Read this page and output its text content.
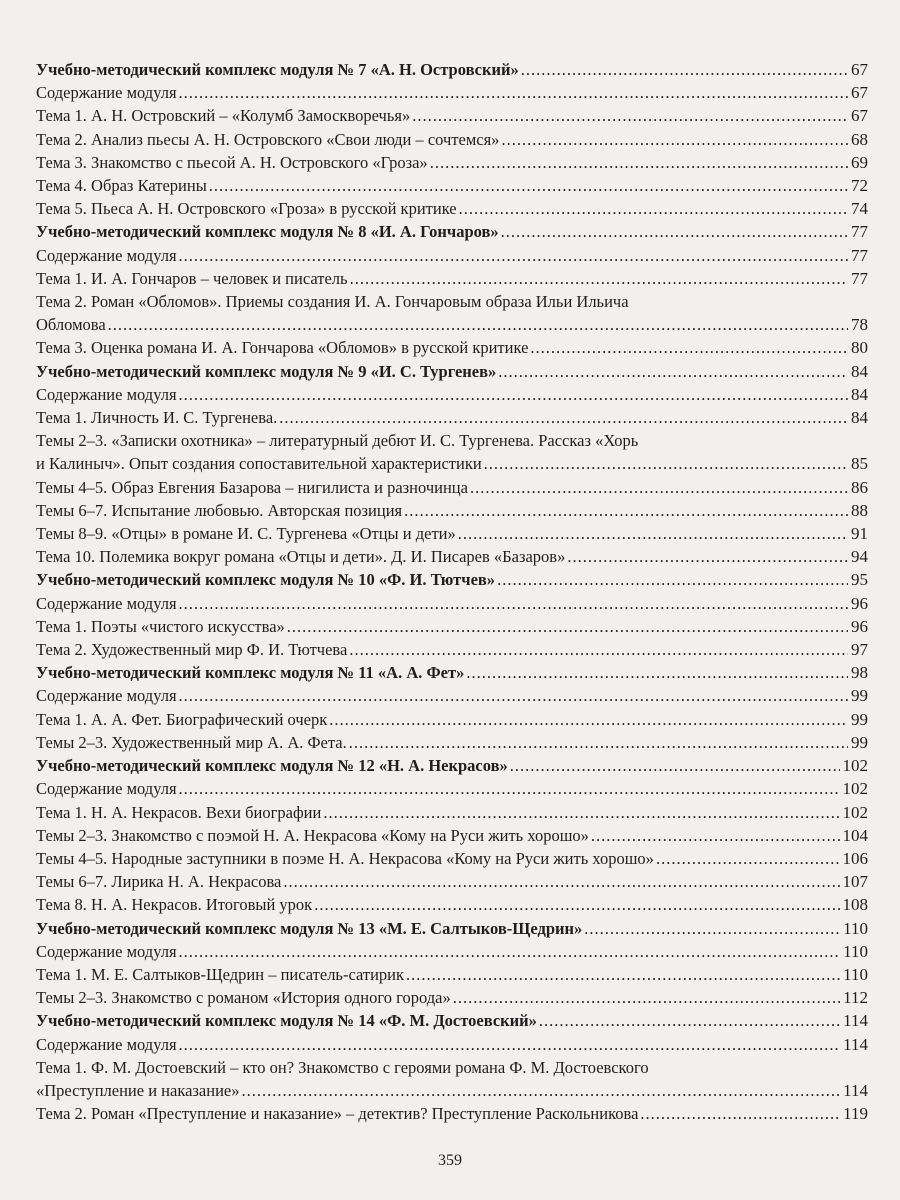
Учебно-методический комплекс модуля № 7 «А. Н. Островский» .....	67
Содержание модуля .....	67
Тема 1. А. Н. Островский – «Колумб Замоскворечья» .....	67
Тема 2. Анализ пьесы А. Н. Островского «Свои люди – сочтемся» .....	68
Тема 3. Знакомство с пьесой А. Н. Островского «Гроза» .....	69
Тема 4. Образ Катерины .....	72
Тема 5. Пьеса А. Н. Островского «Гроза» в русской критике .....	74
Учебно-методический комплекс модуля № 8 «И. А. Гончаров» .....	77
Содержание модуля .....	77
Тема 1. И. А. Гончаров – человек и писатель .....	77
Тема 2. Роман «Обломов». Приемы создания И. А. Гончаровым образа Ильи Ильича
Обломова .....	78
Тема 3. Оценка романа И. А. Гончарова «Обломов» в русской критике .....	80
Учебно-методический комплекс модуля № 9 «И. С. Тургенев» .....	84
Содержание модуля .....	84
Тема 1. Личность И. С. Тургенева. .....	84
Темы 2–3. «Записки охотника» – литературный дебют И. С. Тургенева. Рассказ «Хорь
и Калиныч». Опыт создания сопоставительной характеристики .....	85
Темы 4–5. Образ Евгения Базарова – нигилиста и разночинца .....	86
Темы 6–7. Испытание любовью. Авторская позиция .....	88
Темы 8–9. «Отцы» в романе И. С. Тургенева «Отцы и дети» .....	91
Тема 10. Полемика вокруг романа «Отцы и дети». Д. И. Писарев «Базаров» .....	94
Учебно-методический комплекс модуля № 10 «Ф. И. Тютчев» .....	95
Содержание модуля .....	96
Тема 1. Поэты «чистого искусства» .....	96
Тема 2. Художественный мир Ф. И. Тютчева .....	97
Учебно-методический комплекс модуля № 11 «А. А. Фет» .....	98
Содержание модуля .....	99
Тема 1. А. А. Фет. Биографический очерк .....	99
Темы 2–3. Художественный мир А. А. Фета. .....	99
Учебно-методический комплекс модуля № 12 «Н. А. Некрасов» .....	102
Содержание модуля .....	102
Тема 1. Н. А. Некрасов. Вехи биографии .....	102
Темы 2–3. Знакомство с поэмой Н. А. Некрасова «Кому на Руси жить хорошо» .....	104
Темы 4–5. Народные заступники в поэме Н. А. Некрасова «Кому на Руси жить хорошо» .....	106
Темы 6–7. Лирика Н. А. Некрасова .....	107
Тема 8. Н. А. Некрасов. Итоговый урок .....	108
Учебно-методический комплекс модуля № 13 «М. Е. Салтыков-Щедрин» .....	110
Содержание модуля .....	110
Тема 1. М. Е. Салтыков-Щедрин – писатель-сатирик .....	110
Темы 2–3. Знакомство с романом «История одного города» .....	112
Учебно-методический комплекс модуля № 14 «Ф. М. Достоевский» .....	114
Содержание модуля .....	114
Тема 1. Ф. М. Достоевский – кто он? Знакомство с героями романа Ф. М. Достоевского
«Преступление и наказание» .....	114
Тема 2. Роман «Преступление и наказание» – детектив? Преступление Раскольникова .....	119
359
